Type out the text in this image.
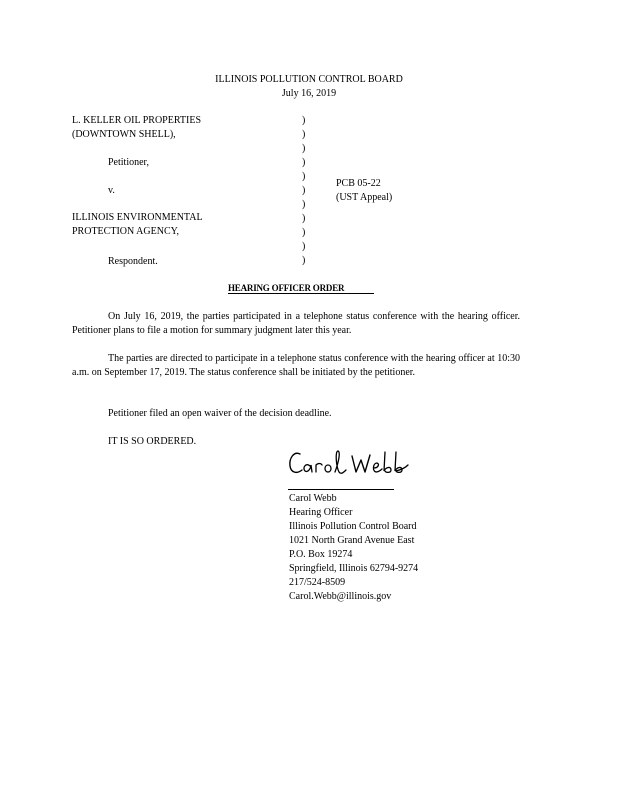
ILLINOIS POLLUTION CONTROL BOARD
July 16, 2019
L. KELLER OIL PROPERTIES
(DOWNTOWN SHELL),
Petitioner,
v.
ILLINOIS ENVIRONMENTAL
PROTECTION AGENCY,
Respondent.
)
)
)
)
)
)
)
)
)
)
)
PCB 05-22
(UST Appeal)
HEARING OFFICER ORDER
On July 16, 2019, the parties participated in a telephone status conference with the hearing officer. Petitioner plans to file a motion for summary judgment later this year.
The parties are directed to participate in a telephone status conference with the hearing officer at 10:30 a.m. on September 17, 2019. The status conference shall be initiated by the petitioner.
Petitioner filed an open waiver of the decision deadline.
IT IS SO ORDERED.
Carol Webb
Hearing Officer
Illinois Pollution Control Board
1021 North Grand Avenue East
P.O. Box 19274
Springfield, Illinois 62794-9274
217/524-8509
Carol.Webb@illinois.gov
